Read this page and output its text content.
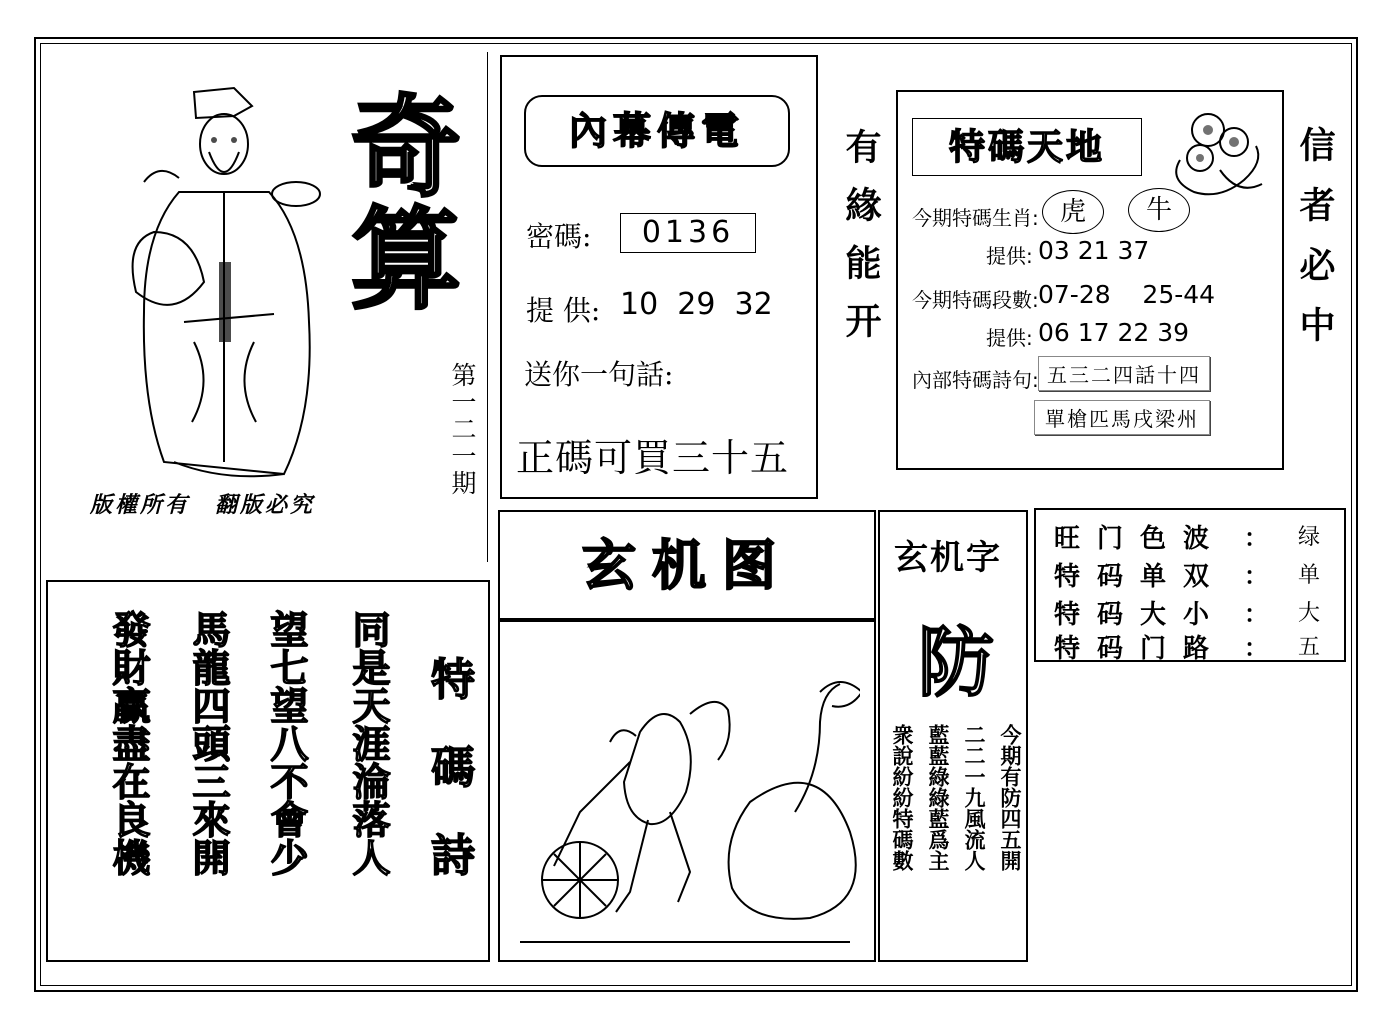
奇
算
第一二一期
版權所有　翻版必究
內幕傳電
密碼:	0136
提 供: 10  29  32
送你一句話:
正碼可買三十五
有緣能开	信者必中
特碼天地
今期特碼生肖: 虎	牛
提供: 03 21 37
今期特碼段數: 07-28    25-44
提供: 06 17 22 39
內部特碼詩句: 五三二四話十四
單槍匹馬戌梁州
玄机图	玄机字
防
今期有防四五開
二二一九風流人
藍藍綠綠藍爲主
衆說紛紛特碼數
旺门色波 ： 绿
特码单双 ： 单
特码大小 ： 大
特码门路 ： 五
特碼詩
同是天涯淪落人
望七望八不會少
馬龍四頭三來開
發財贏盡在良機
